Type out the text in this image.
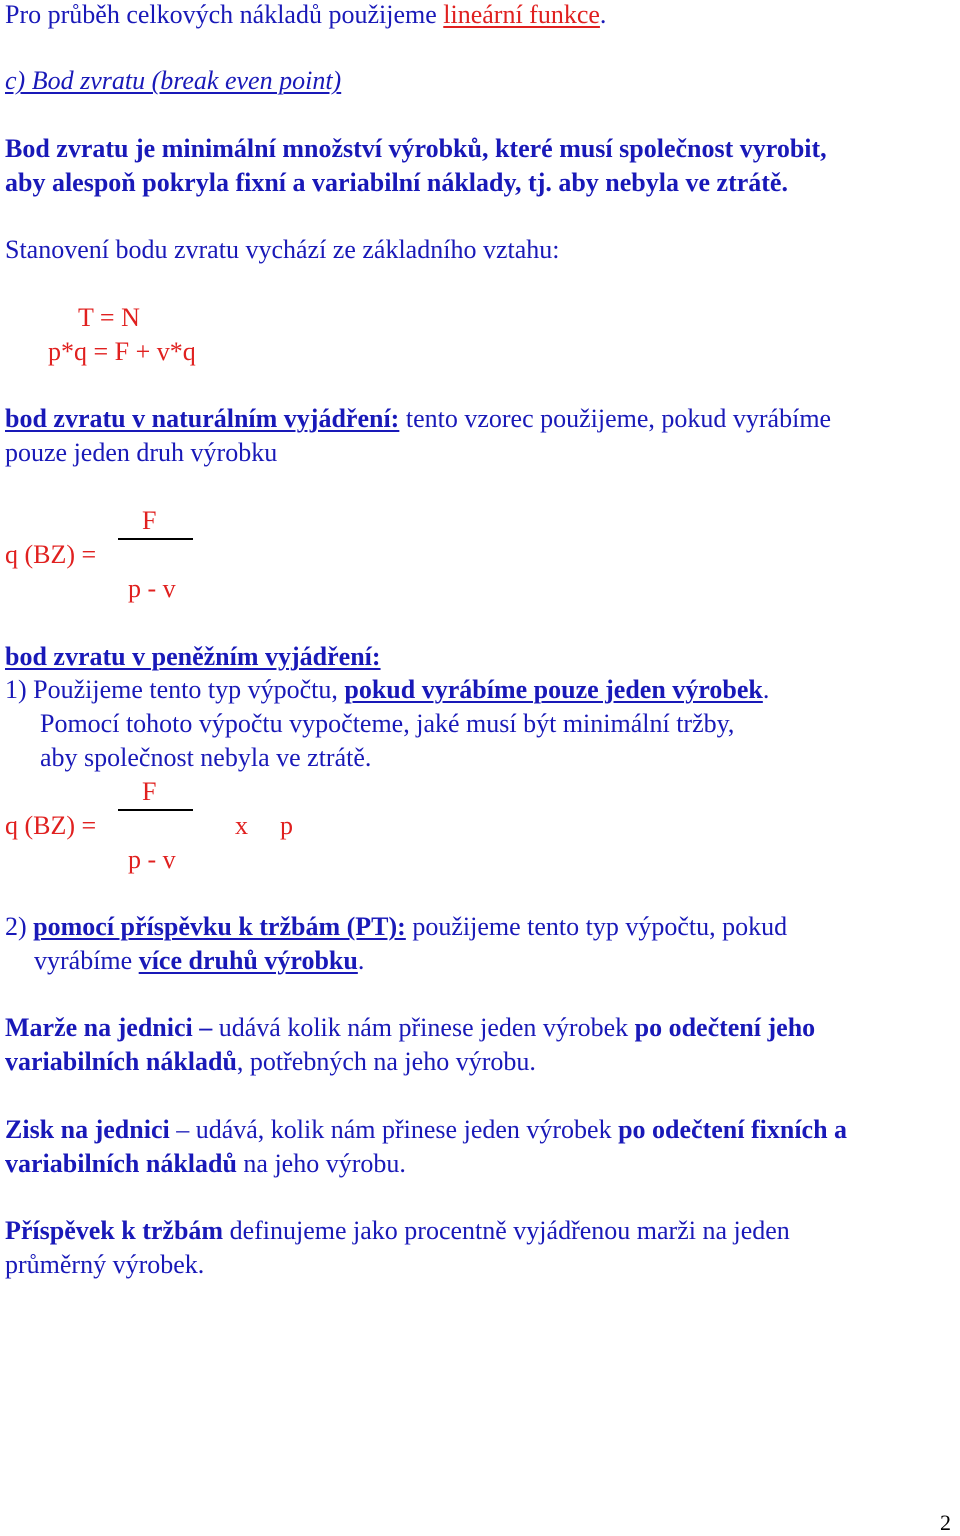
Pro průběh celkových nákladů použijeme lineární funkce.
c) Bod zvratu (break even point)
Bod zvratu je minimální množství výrobků, které musí společnost vyrobit,
aby alespoň pokryla fixní a variabilní náklady, tj. aby nebyla ve ztrátě.
Stanovení bodu zvratu vychází ze základního vztahu:
T = N
p*q = F + v*q
bod zvratu v naturálním vyjádření: tento vzorec použijeme, pokud vyrábíme
pouze jeden druh výrobku
F
q (BZ) =
p - v
bod zvratu v peněžním vyjádření:
1) Použijeme tento typ výpočtu, pokud vyrábíme pouze jeden výrobek.
Pomocí tohoto výpočtu vypočteme, jaké musí být minimální tržby,
aby společnost nebyla ve ztrátě.
F
q (BZ) =	x p
p - v
2) pomocí příspěvku k tržbám (PT): použijeme tento typ výpočtu, pokud
vyrábíme více druhů výrobku.
Marže na jednici – udává kolik nám přinese jeden výrobek po odečtení jeho
variabilních nákladů, potřebných na jeho výrobu.
Zisk na jednici – udává, kolik nám přinese jeden výrobek po odečtení fixních a
variabilních nákladů na jeho výrobu.
Příspěvek k tržbám definujeme jako procentně vyjádřenou marži na jeden
průměrný výrobek.
2
